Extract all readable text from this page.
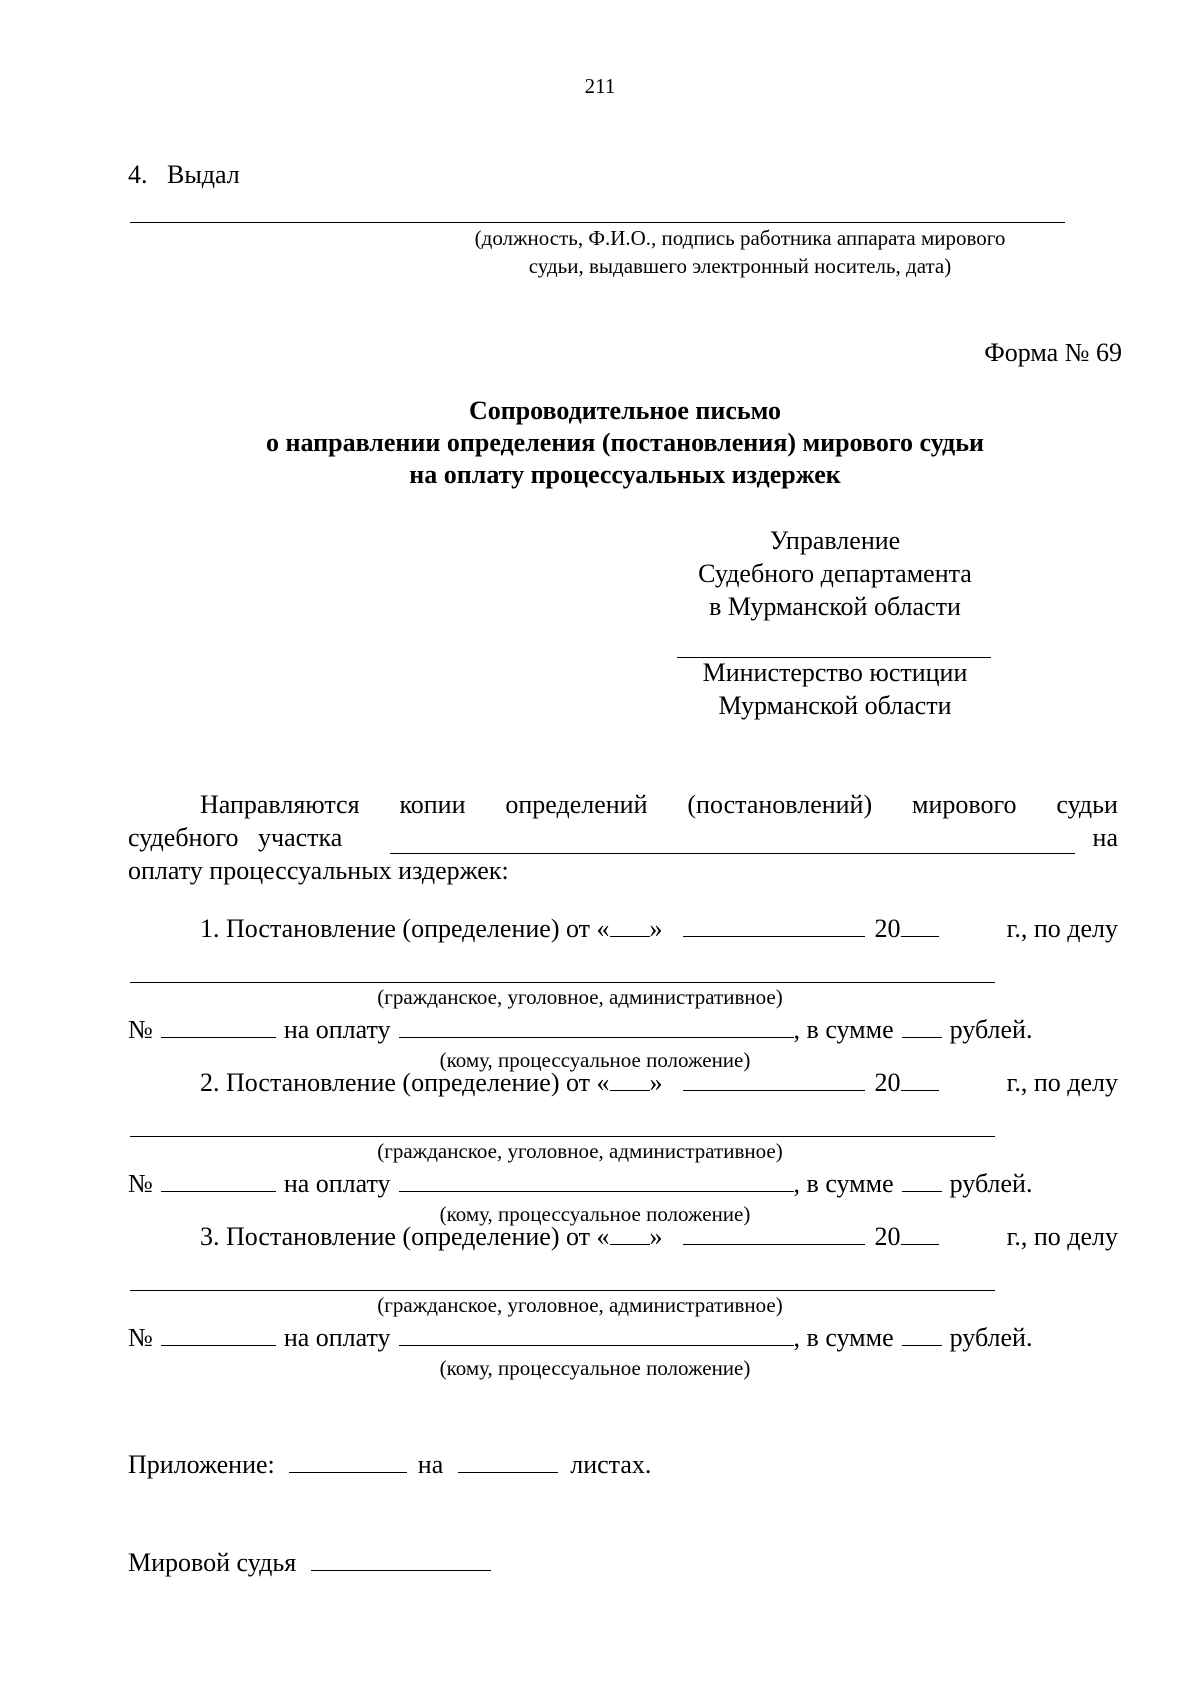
211
4.   Выдал
(должность, Ф.И.О., подпись работника аппарата мирового
судьи, выдавшего электронный носитель, дата)
Форма № 69
Сопроводительное письмо
о направлении определения (постановления) мирового судьи
на оплату процессуальных издержек
Управление
Судебного департамента
в Мурманской области
Министерство юстиции
Мурманской области
Направляются копии определений (постановлений) мирового судьи
судебного   участка	на
оплату процессуальных издержек:
1. Постановление (определение) от « »	20	г., по делу
(гражданское, уголовное, административное)
№	на оплату	, в сумме рублей.
(кому, процессуальное положение)
2. Постановление (определение) от « »	20	г., по делу
(гражданское, уголовное, административное)
№	на оплату	, в сумме рублей.
(кому, процессуальное положение)
3. Постановление (определение) от « »	20	г., по делу
(гражданское, уголовное, административное)
№	на оплату	, в сумме рублей.
(кому, процессуальное положение)
Приложение:	на	листах.
Мировой судья
